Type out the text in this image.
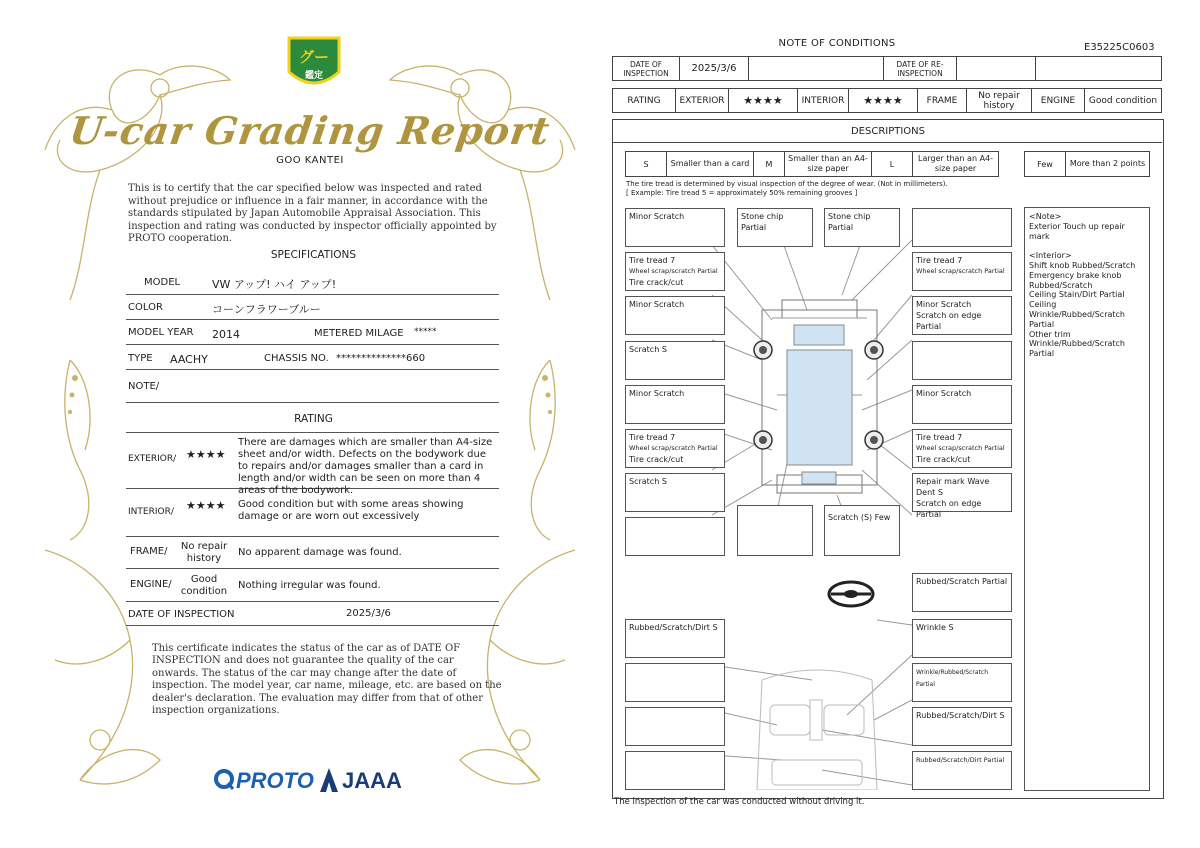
グー
鑑定
U-car Grading Report
GOO KANTEI
This is to certify that the car specified below was inspected and rated without prejudice or influence in a fair manner, in accordance with the standards stipulated by Japan Automobile Appraisal Association. This inspection and rating was conducted by inspector officially appointed by PROTO cooperation.
SPECIFICATIONS
MODEL	VW アップ! ハイ アップ!
COLOR	コーンフラワーブルー
MODEL YEAR 2014	METERED MILAGE *****
TYPE AACHY	CHASSIS NO. **************660
NOTE/
RATING
EXTERIOR/ ★★★★
There are damages which are smaller than A4-size sheet and/or width. Defects on the bodywork due to repairs and/or damages smaller than a card in length and/or width can be seen on more than 4 areas of the bodywork.
INTERIOR/ ★★★★ Good condition but with some areas showing damage or are worn out excessively
FRAME/	No repair history
No apparent damage was found.
ENGINE/	Good condition
Nothing irregular was found.
DATE OF INSPECTION	2025/3/6
This certificate indicates the status of the car as of DATE OF INSPECTION and does not guarantee the quality of the car onwards. The status of the car may change after the date of inspection. The model year, car name, mileage, etc. are based on the dealer's declaration. The evaluation may differ from that of other inspection organizations.
PROTO JAAA
NOTE OF CONDITIONS	E35225C0603
DATE OF INSPECTION	2025/3/6		DATE OF RE-INSPECTION		
RATING	EXTERIOR	★★★★	INTERIOR	★★★★	FRAME	No repair history	ENGINE	Good condition
DESCRIPTIONS
S	Smaller than a card	M	Smaller than an A4-size paper	L	Larger than an A4-size paper	Few	More than 2 points
The tire tread is determined by visual inspection of the degree of wear. (Not in millimeters).
[ Example: Tire tread 5 = approximately 50% remaining grooves ]
Minor Scratch	Stone chip Partial
Stone chip Partial
Tire tread 7
Wheel scrap/scratch Partial
Tire crack/cut
Tire tread 7
Wheel scrap/scratch Partial
Minor Scratch	Minor Scratch
Scratch on edge Partial
Scratch S
Minor Scratch	Minor Scratch
Tire tread 7
Wheel scrap/scratch Partial
Tire crack/cut
Tire tread 7
Wheel scrap/scratch Partial
Tire crack/cut
Scratch S	Repair mark Wave
Dent S
Scratch on edge Partial
Scratch (S) Few
Rubbed/Scratch Partial
Rubbed/Scratch/Dirt S	Wrinkle S
Wrinkle/Rubbed/Scratch Partial
Rubbed/Scratch/Dirt S
Rubbed/Scratch/Dirt Partial
<Note>
Exterior Touch up repair mark

<Interior>
Shift knob Rubbed/Scratch
Emergency brake knob Rubbed/Scratch
Ceiling Stain/Dirt Partial
Ceiling Wrinkle/Rubbed/Scratch Partial
Other trim Wrinkle/Rubbed/Scratch Partial
The inspection of the car was conducted without driving it.
